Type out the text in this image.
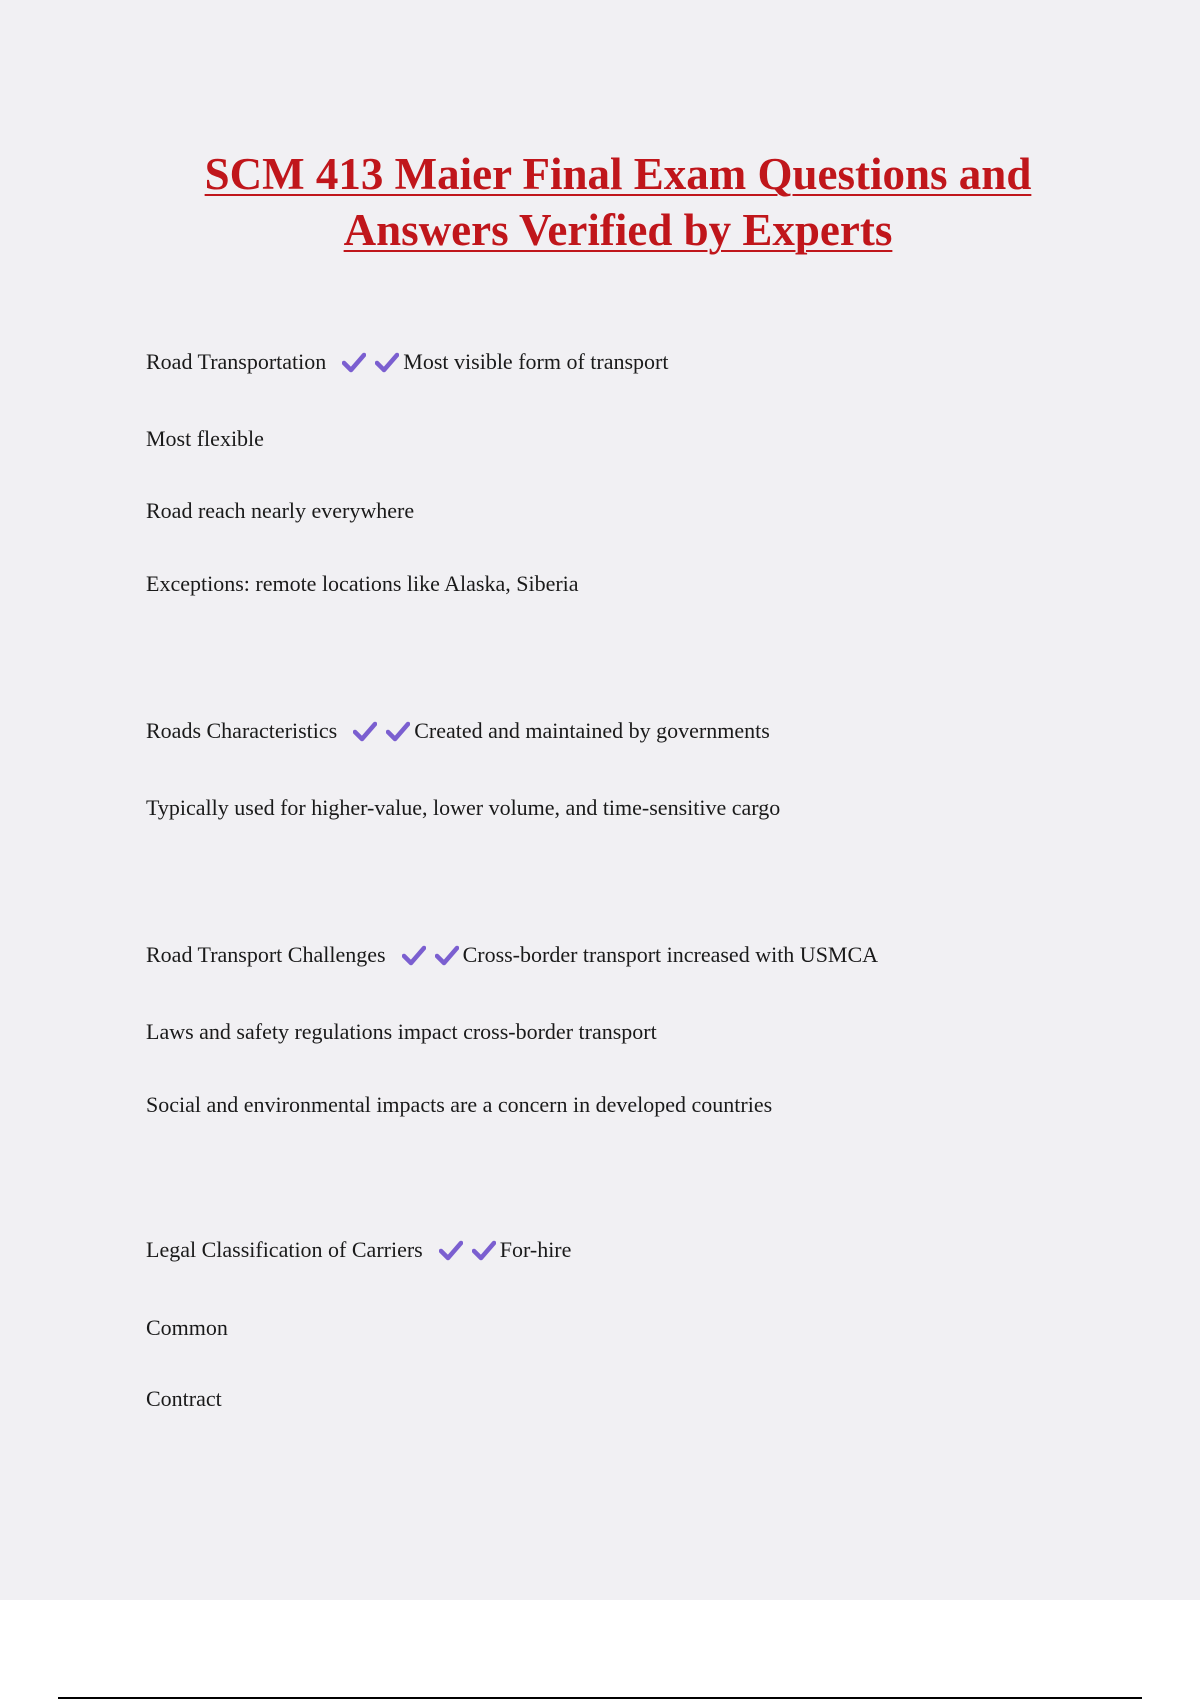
SCM 413 Maier Final Exam Questions and
Answers Verified by Experts
Road Transportation	Most visible form of transport
Most flexible
Road reach nearly everywhere
Exceptions: remote locations like Alaska, Siberia
Roads Characteristics	Created and maintained by governments
Typically used for higher-value, lower volume, and time-sensitive cargo
Road Transport Challenges	Cross-border transport increased with USMCA
Laws and safety regulations impact cross-border transport
Social and environmental impacts are a concern in developed countries
Legal Classification of Carriers	For-hire
Common
Contract
